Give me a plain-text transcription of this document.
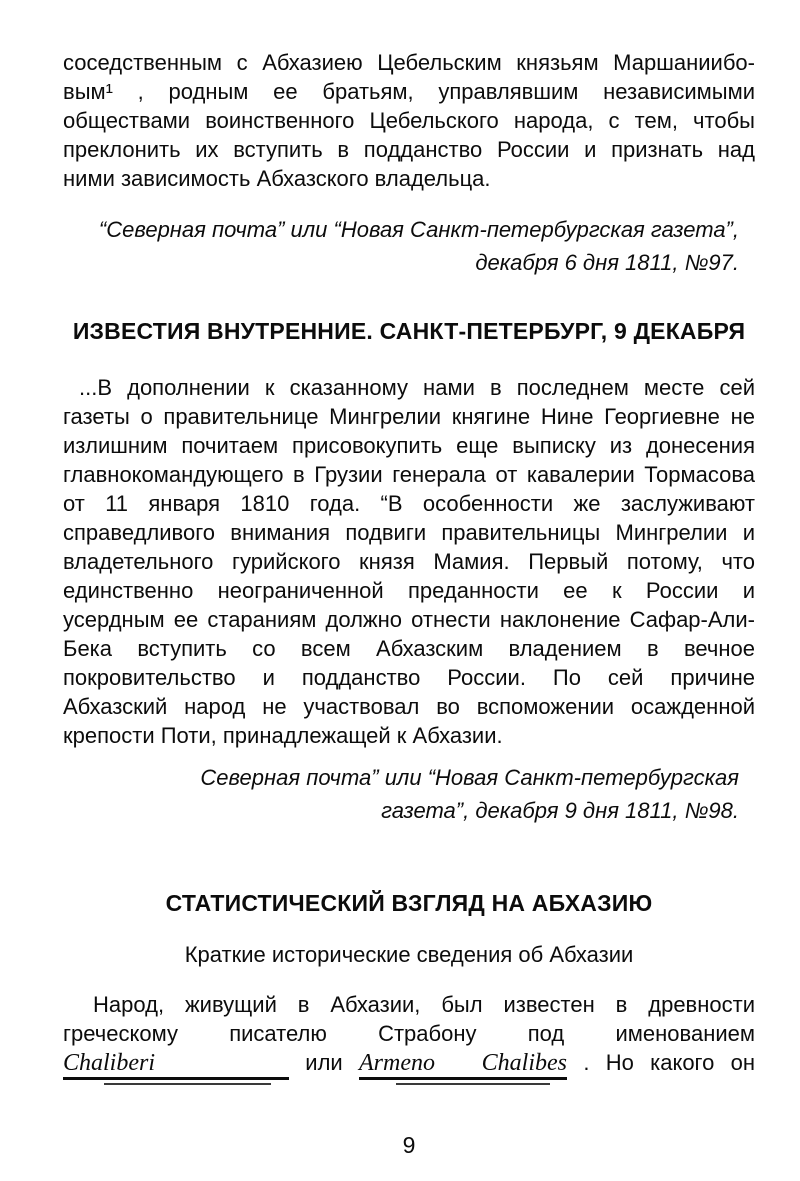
соседственным с Абхазиею Цебельским князьям Маршаниибо-
вым¹ , родным ее братьям, управлявшим независимыми
обществами воинственного Цебельского народа, с тем, чтобы
преклонить их вступить в подданство России и признать над
ними зависимость Абхазского владельца.
“Северная почта” или “Новая Санкт-петербургская газета”,
декабря 6 дня 1811, №97.
ИЗВЕСТИЯ ВНУТРЕННИЕ. САНКТ-ПЕТЕРБУРГ, 9 ДЕКАБРЯ
...В дополнении к сказанному нами в последнем месте сей
газеты о правительнице Мингрелии княгине Нине Георгиевне не
излишним почитаем присовокупить еще выписку из донесения
главнокомандующего в Грузии генерала от кавалерии Тормасова
от 11 января 1810 года. “В особенности же заслуживают
справедливого внимания подвиги правительницы Мингрелии и
владетельного гурийского князя Мамия. Первый потому, что
единственно неограниченной преданности ее к России и
усердным ее стараниям должно отнести наклонение Сафар-Али-
Бека вступить со всем Абхазским владением в вечное
покровительство и подданство России. По сей причине
Абхазский народ не участвовал во вспоможении осажденной
крепости Поти, принадлежащей к Абхазии.
Северная почта” или “Новая Санкт-петербургская
газета”, декабря 9 дня 1811, №98.
СТАТИСТИЧЕСКИЙ ВЗГЛЯД НА АБХАЗИЮ
Краткие исторические сведения об Абхазии
Народ, живущий в Абхазии, был известен в древности
греческому писателю Страбону под именованием
Chaliberi	или Armeno Chalibes . Но какого он
9
